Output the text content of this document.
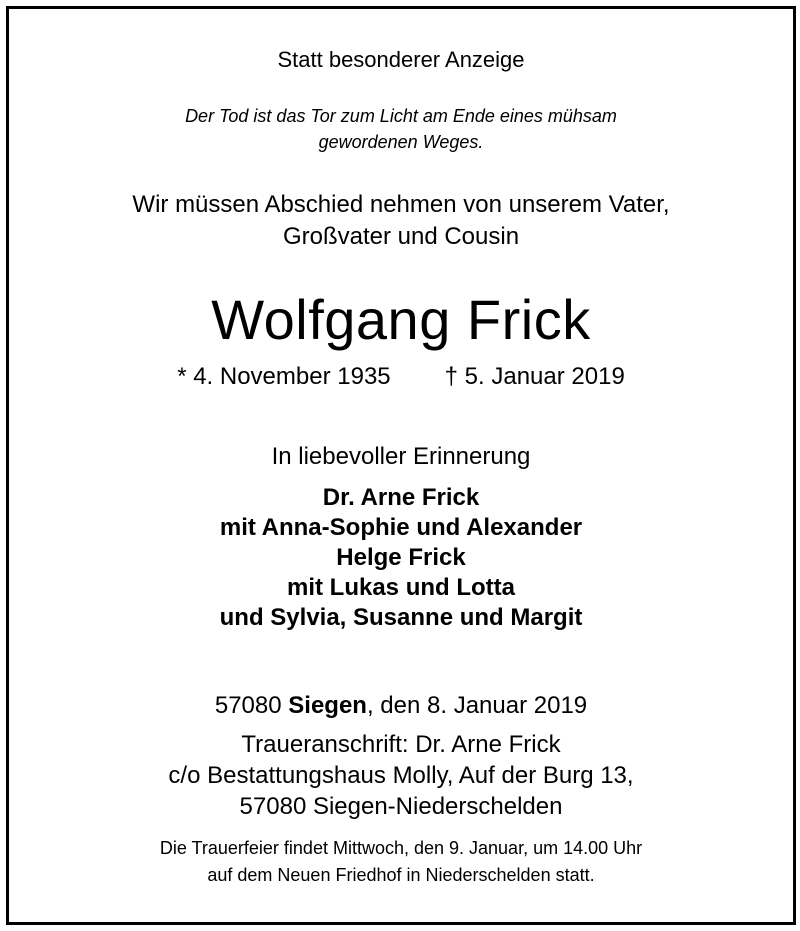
Statt besonderer Anzeige
Der Tod ist das Tor zum Licht am Ende eines mühsam
gewordenen Weges.
Wir müssen Abschied nehmen von unserem Vater,
Großvater und Cousin
Wolfgang Frick
* 4. November 1935 † 5. Januar 2019
In liebevoller Erinnerung
Dr. Arne Frick
mit Anna-Sophie und Alexander
Helge Frick
mit Lukas und Lotta
und Sylvia, Susanne und Margit
57080 Siegen, den 8. Januar 2019
Traueranschrift: Dr. Arne Frick
c/o Bestattungshaus Molly, Auf der Burg 13,
57080 Siegen-Niederschelden
Die Trauerfeier findet Mittwoch, den 9. Januar, um 14.00 Uhr
auf dem Neuen Friedhof in Niederschelden statt.
